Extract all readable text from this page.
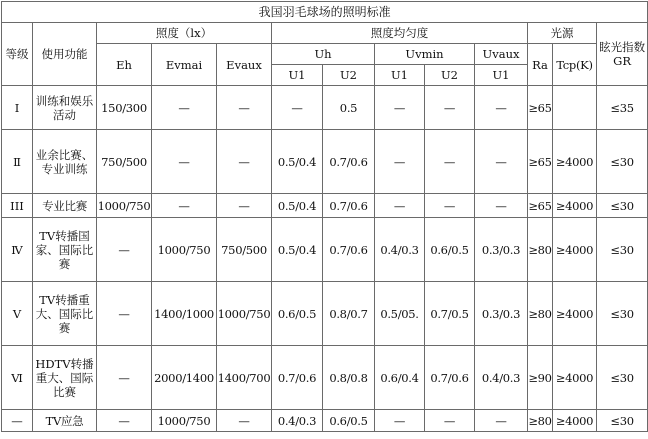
我国羽毛球场的照明标准												
等级	使用功能	照度（lx）			照度均匀度					光源		眩光指数GR
		Eh	Evmai	Evaux	Uh		Uvmin		Uvaux	Ra	Tcp(K)	
					U1	U2	U1	U2	U1			
Ⅰ	训练和娱乐活动	150/300	—	—	—	0.5	—	—	—	≥65		≤35
Ⅱ	业余比赛、专业训练	750/500	—	—	0.5/0.4	0.7/0.6	—	—	—	≥65	≥4000	≤30
III	专业比赛	1000/750	—	—	0.5/0.4	0.7/0.6	—	—	—	≥65	≥4000	≤30
Ⅳ	TV转播国家、国际比赛	—	1000/750	750/500	0.5/0.4	0.7/0.6	0.4/0.3	0.6/0.5	0.3/0.3	≥80	≥4000	≤30
Ⅴ	TV转播重大、国际比赛	—	1400/1000	1000/750	0.6/0.5	0.8/0.7	0.5/05.	0.7/0.5	0.3/0.3	≥80	≥4000	≤30
Ⅵ	HDTV转播重大、国际比赛	—	2000/1400	1400/700	0.7/0.6	0.8/0.8	0.6/0.4	0.7/0.6	0.4/0.3	≥90	≥4000	≤30
—	TV应急	—	1000/750	—	0.4/0.3	0.6/0.5	—	—	—	≥80	≥4000	≤30
